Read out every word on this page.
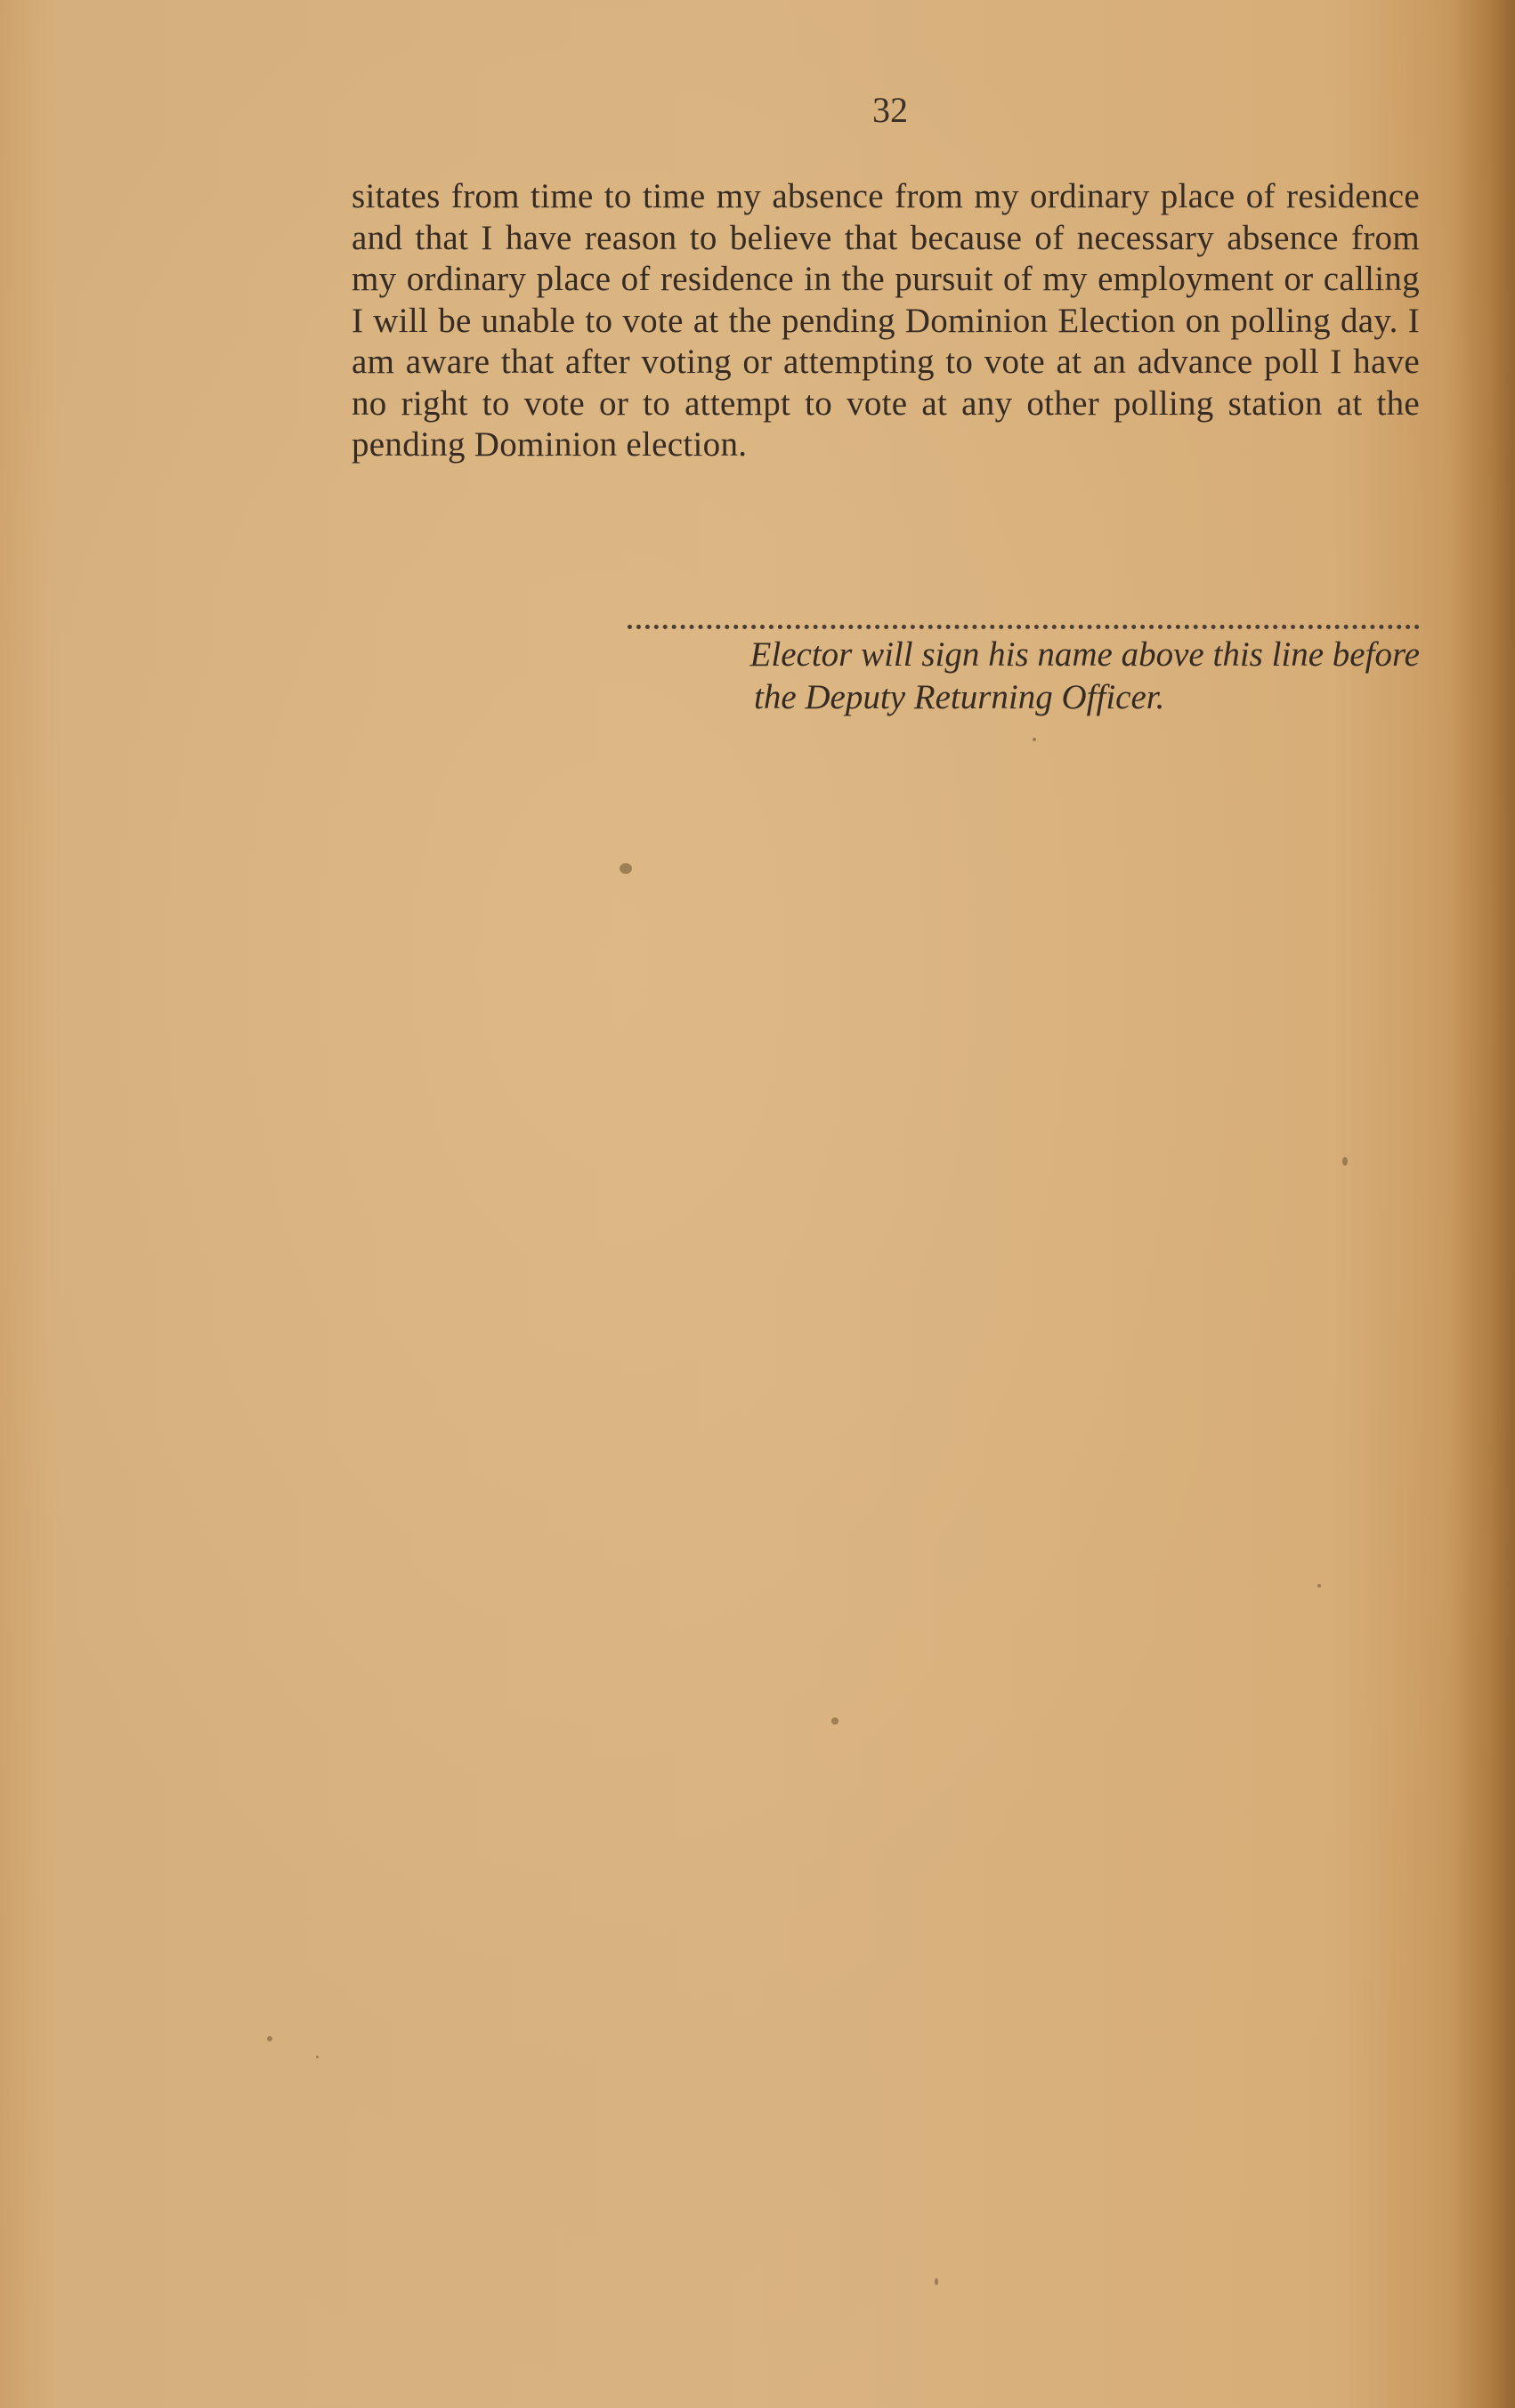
32
sitates from time to time my absence from my ordinary place of residence and that I have reason to believe that because of necessary absence from my ordinary place of residence in the pursuit of my employment or calling I will be unable to vote at the pending Dominion Election on polling day. I am aware that after voting or attempting to vote at an advance poll I have no right to vote or to attempt to vote at any other polling station at the pending Dominion election.
Elector will sign his name above this line before
the Deputy Returning Officer.
